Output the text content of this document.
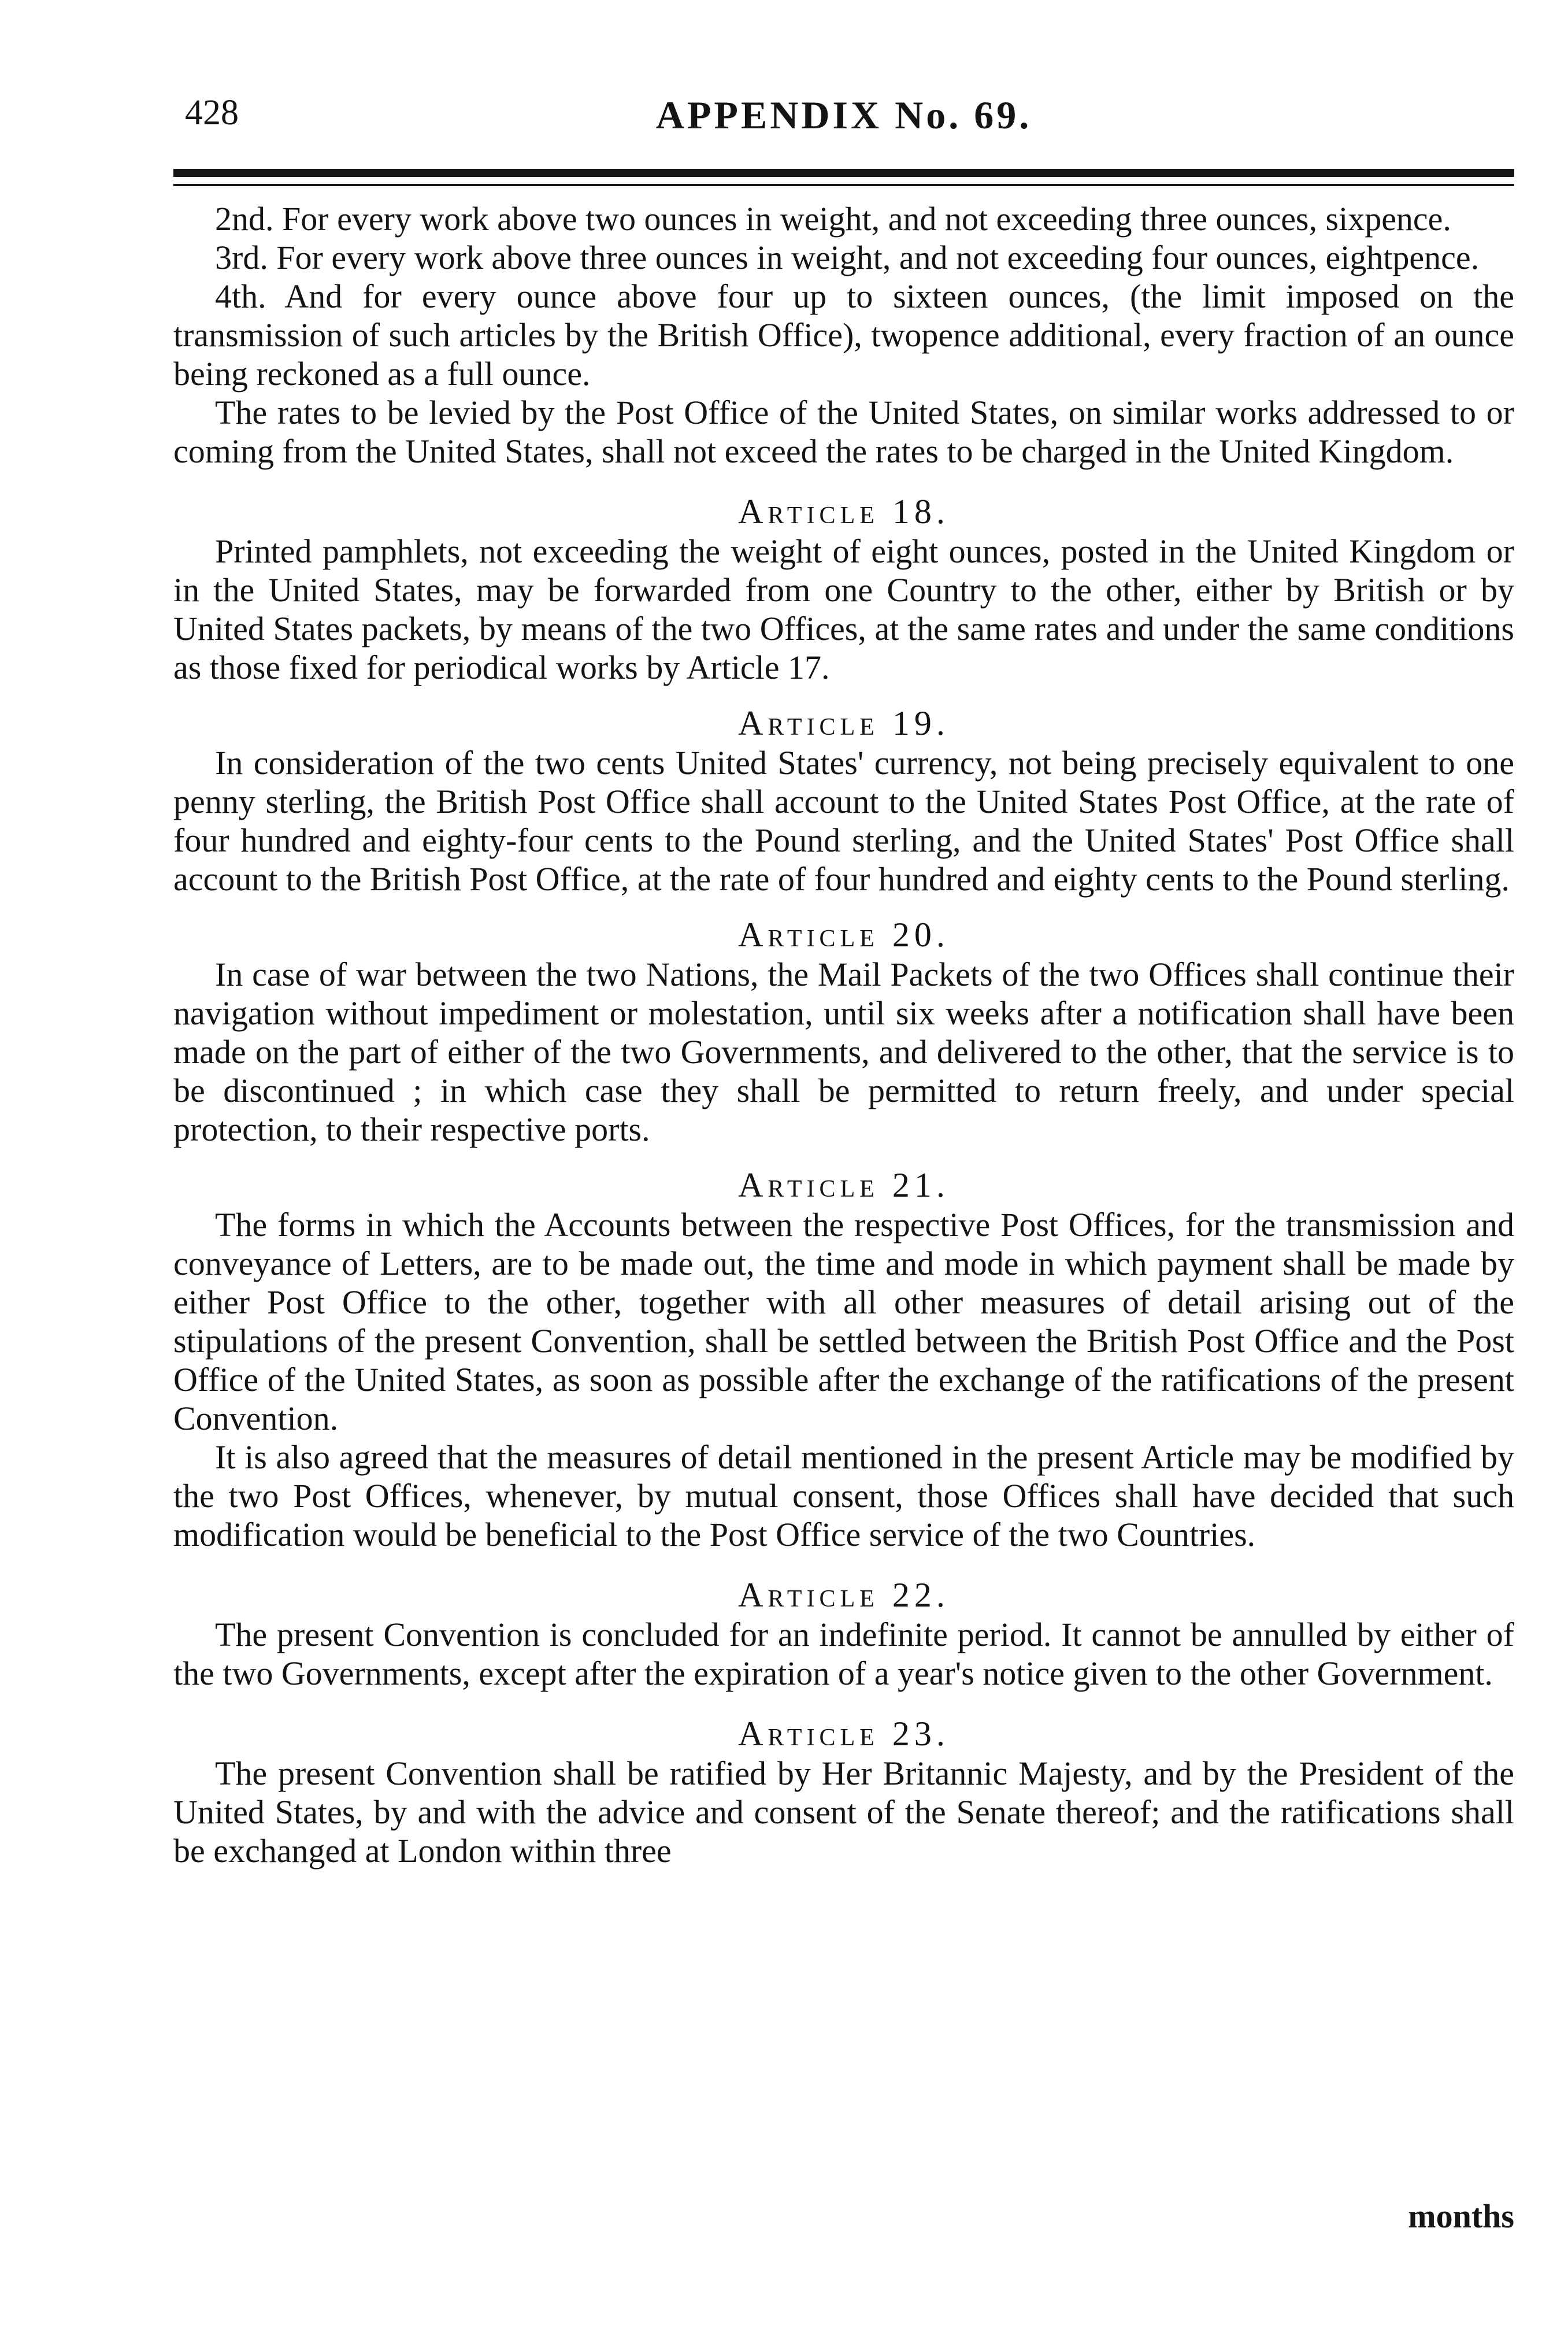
428	APPENDIX No. 69.

2nd. For every work above two ounces in weight, and not exceeding three ounces, sixpence.

3rd. For every work above three ounces in weight, and not exceeding four ounces, eightpence.

4th. And for every ounce above four up to sixteen ounces, (the limit imposed on the transmission of such articles by the British Office), twopence additional, every fraction of an ounce being reckoned as a full ounce.

The rates to be levied by the Post Office of the United States, on similar works addressed to or coming from the United States, shall not exceed the rates to be charged in the United Kingdom.

Article 18.

Printed pamphlets, not exceeding the weight of eight ounces, posted in the United Kingdom or in the United States, may be forwarded from one Country to the other, either by British or by United States packets, by means of the two Offices, at the same rates and under the same conditions as those fixed for periodical works by Article 17.

Article 19.

In consideration of the two cents United States' currency, not being precisely equivalent to one penny sterling, the British Post Office shall account to the United States Post Office, at the rate of four hundred and eighty-four cents to the Pound sterling, and the United States' Post Office shall account to the British Post Office, at the rate of four hundred and eighty cents to the Pound sterling.

Article 20.

In case of war between the two Nations, the Mail Packets of the two Offices shall continue their navigation without impediment or molestation, until six weeks after a notification shall have been made on the part of either of the two Governments, and delivered to the other, that the service is to be discontinued ; in which case they shall be permitted to return freely, and under special protection, to their respective ports.

Article 21.

The forms in which the Accounts between the respective Post Offices, for the transmission and conveyance of Letters, are to be made out, the time and mode in which payment shall be made by either Post Office to the other, together with all other measures of detail arising out of the stipulations of the present Convention, shall be settled between the British Post Office and the Post Office of the United States, as soon as possible after the exchange of the ratifications of the present Convention.

It is also agreed that the measures of detail mentioned in the present Article may be modified by the two Post Offices, whenever, by mutual consent, those Offices shall have decided that such modification would be beneficial to the Post Office service of the two Countries.

Article 22.

The present Convention is concluded for an indefinite period. It cannot be annulled by either of the two Governments, except after the expiration of a year's notice given to the other Government.

Article 23.

The present Convention shall be ratified by Her Britannic Majesty, and by the President of the United States, by and with the advice and consent of the Senate thereof; and the ratifications shall be exchanged at London within three

months
